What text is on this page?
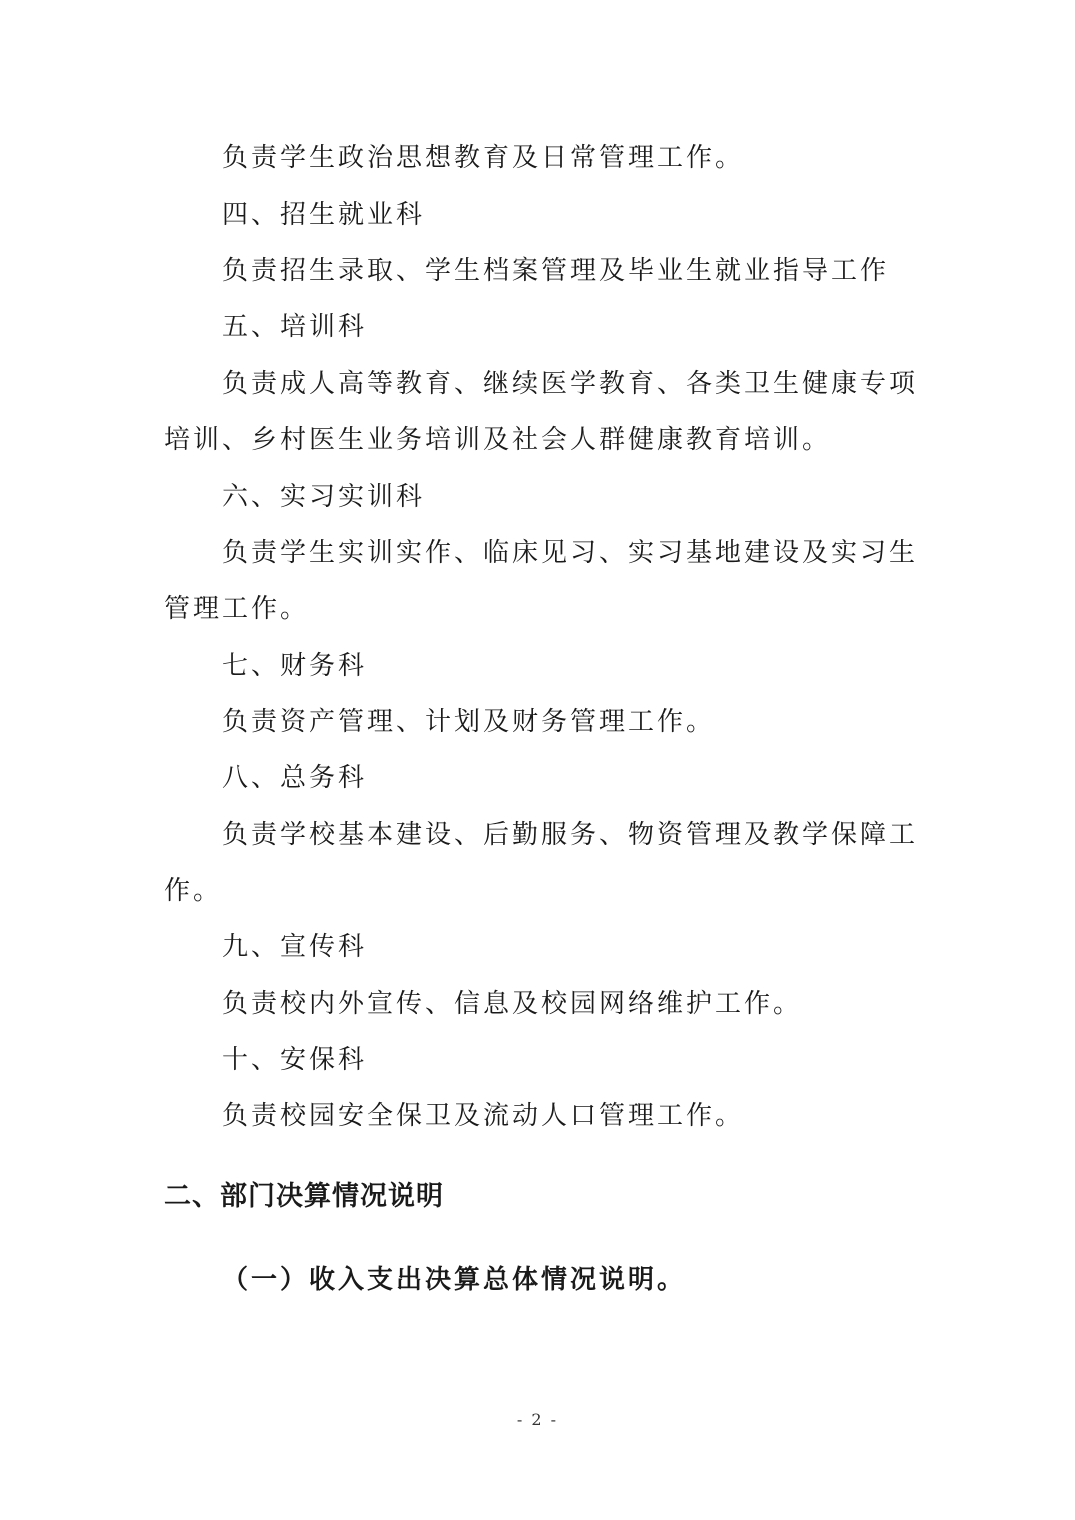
负责学生政治思想教育及日常管理工作。
四、招生就业科
负责招生录取、学生档案管理及毕业生就业指导工作
五、培训科
负责成人高等教育、继续医学教育、各类卫生健康专项
培训、乡村医生业务培训及社会人群健康教育培训。
六、实习实训科
负责学生实训实作、临床见习、实习基地建设及实习生
管理工作。
七、财务科
负责资产管理、计划及财务管理工作。
八、总务科
负责学校基本建设、后勤服务、物资管理及教学保障工
作。
九、宣传科
负责校内外宣传、信息及校园网络维护工作。
十、安保科
负责校园安全保卫及流动人口管理工作。
二、部门决算情况说明
（一）收入支出决算总体情况说明。
- 2 -
